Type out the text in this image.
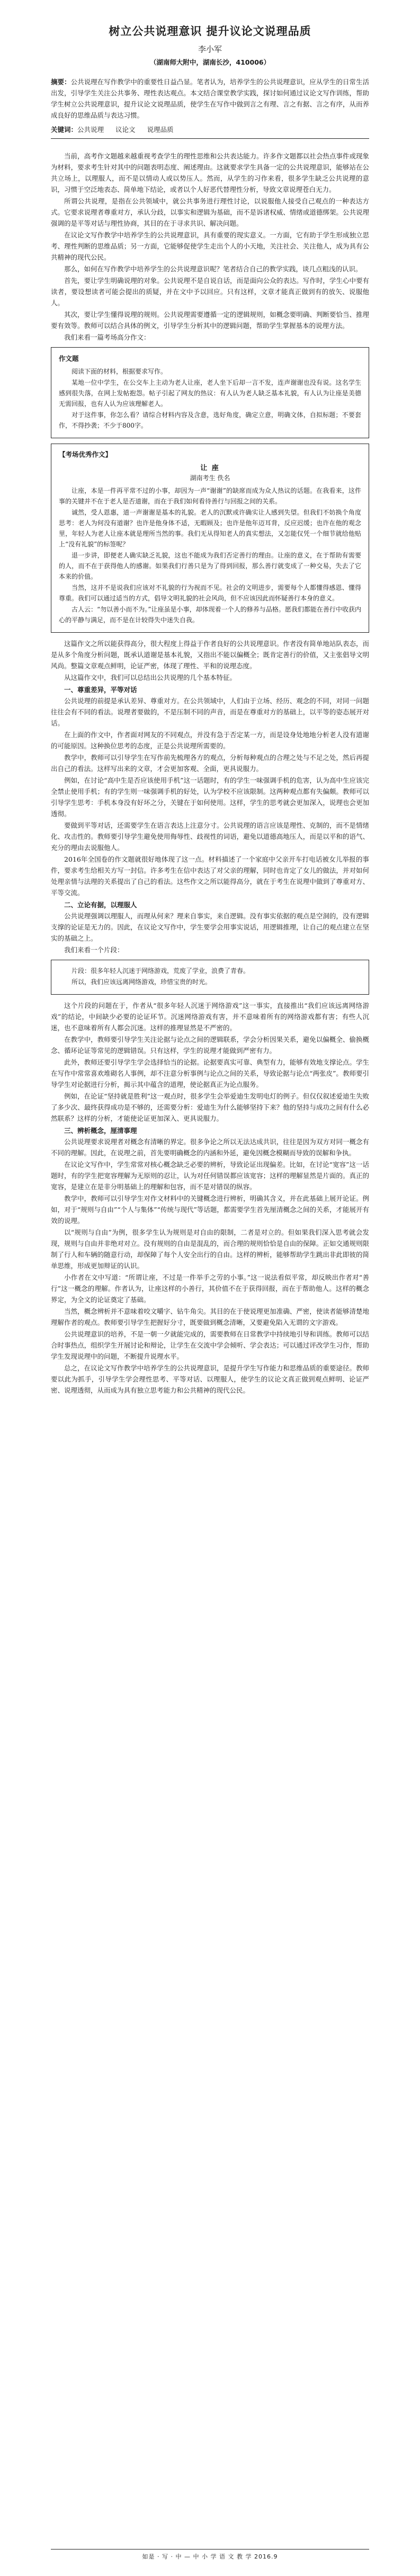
树立公共说理意识 提升议论文说理品质
李小军
（湖南师大附中，湖南长沙，410006）

摘要：公共说理在写作教学中的重要性日益凸显。笔者认为，培养学生的公共说理意识，应从学生的日常生活出发，引导学生关注公共事务、理性表达观点。本文结合课堂教学实践，探讨如何通过议论文写作训练，帮助学生树立公共说理意识，提升议论文说理品质，使学生在写作中做到言之有理、言之有据、言之有序，从而养成良好的思维品质与表达习惯。

关键词：公共说理 议论文 说理品质

当前，高考作文题越来越重视考查学生的理性思维和公共表达能力。许多作文题都以社会热点事件或现象为材料，要求考生针对其中的问题表明态度、阐述理由。这就要求学生具备一定的公共说理意识，能够站在公共立场上，以理服人，而不是以情动人或以势压人。然而，从学生的习作来看，很多学生缺乏公共说理的意识，习惯于空泛地表态、简单地下结论，或者以个人好恶代替理性分析，导致文章说理苍白无力。

所谓公共说理，是指在公共领域中，就公共事务进行理性讨论，以说服他人接受自己观点的一种表达方式。它要求说理者尊重对方，承认分歧，以事实和逻辑为基础，而不是诉诸权威、情绪或道德绑架。公共说理强调的是平等对话与理性协商，其目的在于寻求共识、解决问题。

在议论文写作教学中培养学生的公共说理意识，具有重要的现实意义。一方面，它有助于学生形成独立思考、理性判断的思维品质；另一方面，它能够促使学生走出个人的小天地，关注社会、关注他人，成为具有公共精神的现代公民。

那么，如何在写作教学中培养学生的公共说理意识呢？笔者结合自己的教学实践，谈几点粗浅的认识。

首先，要让学生明确说理的对象。公共说理不是自说自话，而是面向公众的表达。写作时，学生心中要有读者，要设想读者可能会提出的质疑，并在文中予以回应。只有这样，文章才能真正做到有的放矢、说服他人。

其次，要让学生懂得说理的规则。公共说理需要遵循一定的逻辑规则，如概念要明确、判断要恰当、推理要有效等。教师可以结合具体的例文，引导学生分析其中的逻辑问题，帮助学生掌握基本的说理方法。

我们来看一篇考场高分作文：

作文题

阅读下面的材料，根据要求写作。

某地一位中学生，在公交车上主动为老人让座，老人坐下后却一言不发，连声谢谢也没有说。这名学生感到很失落，在网上发帖抱怨。帖子引起了网友的热议：有人认为老人缺乏基本礼貌，有人认为让座是美德无需回报，也有人认为应该理解老人。

对于这件事，你怎么看？请综合材料内容及含意，选好角度，确定立意，明确文体，自拟标题；不要套作，不得抄袭；不少于800字。

【考场优秀作文】
让 座
湖南考生 佚名

让座，本是一件再平常不过的小事，却因为一声“谢谢”的缺席而成为众人热议的话题。在我看来，这件事的关键并不在于老人是否道谢，而在于我们如何看待善行与回报之间的关系。

诚然，受人恩惠，道一声谢谢是基本的礼貌。老人的沉默或许确实让人感到失望。但我们不妨换个角度思考：老人为何没有道谢？也许是他身体不适，无暇顾及；也许是他年迈耳背，反应迟缓；也许在他的观念里，年轻人为老人让座本就是理所当然的事。我们无从得知老人的真实想法，又怎能仅凭一个细节就给他贴上“没有礼貌”的标签呢？

退一步讲，即便老人确实缺乏礼貌，这也不能成为我们否定善行的理由。让座的意义，在于帮助有需要的人，而不在于获得他人的感谢。如果我们行善只是为了得到回报，那么善行就变成了一种交易，失去了它本来的价值。

当然，这并不是说我们应该对不礼貌的行为视而不见。社会的文明进步，需要每个人都懂得感恩、懂得尊重。我们可以通过适当的方式，倡导文明礼貌的社会风尚，但不应该因此而怀疑善行本身的意义。

古人云：“勿以善小而不为。”让座虽是小事，却体现着一个人的修养与品格。愿我们都能在善行中收获内心的平静与满足，而不是在计较得失中迷失自我。

这篇作文之所以能获得高分，很大程度上得益于作者良好的公共说理意识。作者没有简单地站队表态，而是从多个角度分析问题，既承认道谢是基本礼貌，又指出不能以偏概全；既肯定善行的价值，又主张倡导文明风尚。整篇文章观点鲜明，论证严密，体现了理性、平和的说理态度。

从这篇作文中，我们可以总结出公共说理的几个基本特征。

一、尊重差异，平等对话

公共说理的前提是承认差异、尊重对方。在公共领域中，人们由于立场、经历、观念的不同，对同一问题往往会有不同的看法。说理者要做的，不是压制不同的声音，而是在尊重对方的基础上，以平等的姿态展开对话。

在上面的作文中，作者面对网友的不同观点，并没有急于否定某一方，而是设身处地地分析老人没有道谢的可能原因。这种换位思考的态度，正是公共说理所需要的。

教学中，教师可以引导学生在写作前先梳理各方的观点，分析每种观点的合理之处与不足之处，然后再提出自己的看法。这样写出来的文章，才会更加客观、全面，更具说服力。

例如，在讨论“高中生是否应该使用手机”这一话题时，有的学生一味强调手机的危害，认为高中生应该完全禁止使用手机；有的学生则一味强调手机的好处，认为学校不应该限制。这两种观点都有失偏颇。教师可以引导学生思考：手机本身没有好坏之分，关键在于如何使用。这样，学生的思考就会更加深入，说理也会更加透彻。

要做到平等对话，还需要学生在语言表达上注意分寸。公共说理的语言应该是理性、克制的，而不是情绪化、攻击性的。教师要引导学生避免使用侮辱性、歧视性的词语，避免以道德高地压人，而是以平和的语气、充分的理由去说服他人。

2016年全国卷的作文题就很好地体现了这一点。材料描述了一个家庭中父亲开车打电话被女儿举报的事件，要求考生给相关方写一封信。许多考生在信中表达了对父亲的理解，同时也肯定了女儿的做法，并对如何处理亲情与法理的关系提出了自己的看法。这些作文之所以能得高分，就在于考生在说理中做到了尊重对方、平等交流。

二、立论有据，以理服人

公共说理强调以理服人，而理从何来？理来自事实，来自逻辑。没有事实依据的观点是空洞的，没有逻辑支撑的论证是无力的。因此，在议论文写作中，学生要学会用事实说话，用逻辑推理，让自己的观点建立在坚实的基础之上。

我们来看一个片段：

片段：很多年轻人沉迷于网络游戏，荒废了学业，浪费了青春。

所以，我们应该远离网络游戏，珍惜宝贵的时光。

这个片段的问题在于，作者从“很多年轻人沉迷于网络游戏”这一事实，直接推出“我们应该远离网络游戏”的结论，中间缺少必要的论证环节。沉迷网络游戏有害，并不意味着所有的网络游戏都有害；有些人沉迷，也不意味着所有人都会沉迷。这样的推理显然是不严密的。

在教学中，教师要引导学生关注论据与论点之间的逻辑联系，学会分析因果关系，避免以偏概全、偷换概念、循环论证等常见的逻辑错误。只有这样，学生的说理才能做到严密有力。

此外，教师还要引导学生学会选择恰当的论据。论据要真实可靠、典型有力，能够有效地支撑论点。学生在写作中常常喜欢堆砌名人事例，却不注意分析事例与论点之间的关系，导致论据与论点“两张皮”。教师要引导学生对论据进行分析，揭示其中蕴含的道理，使论据真正为论点服务。

例如，在论证“坚持就是胜利”这一观点时，很多学生会举爱迪生发明电灯的例子。但仅仅叙述爱迪生失败了多少次、最终获得成功是不够的，还需要分析：爱迪生为什么能够坚持下来？他的坚持与成功之间有什么必然联系？这样的分析，才能使论证更加深入、更具说服力。

三、辨析概念，厘清事理

公共说理要求说理者对概念有清晰的界定。很多争论之所以无法达成共识，往往是因为双方对同一概念有不同的理解。因此，在说理之前，首先要明确概念的内涵和外延，避免因概念模糊而导致的误解和争执。

在议论文写作中，学生常常对核心概念缺乏必要的辨析，导致论证出现偏差。比如，在讨论“宽容”这一话题时，有的学生把宽容理解为无原则的忍让，认为对任何错误都应该宽容；这样的理解显然是片面的。真正的宽容，是建立在是非分明基础上的理解和包容，而不是对错误的纵容。

教学中，教师可以引导学生对作文材料中的关键概念进行辨析，明确其含义，并在此基础上展开论证。例如，对于“规则与自由”“个人与集体”“传统与现代”等话题，都需要学生首先厘清概念之间的关系，才能展开有效的说理。

以“规则与自由”为例，很多学生认为规则是对自由的限制，二者是对立的。但如果我们深入思考就会发现，规则与自由并非绝对对立。没有规则的自由是混乱的，而合理的规则恰恰是自由的保障。正如交通规则限制了行人和车辆的随意行动，却保障了每个人安全出行的自由。这样的辨析，能够帮助学生跳出非此即彼的简单思维，形成更加辩证的认识。

小作者在文中写道：“所谓让座，不过是一件举手之劳的小事。”这一说法看似平常，却反映出作者对“善行”这一概念的理解。作者认为，让座这样的小善行，其价值不在于获得回报，而在于帮助他人。这样的概念界定，为全文的论证奠定了基础。

当然，概念辨析并不意味着咬文嚼字、钻牛角尖。其目的在于使说理更加准确、严密，使读者能够清楚地理解作者的观点。教师要引导学生把握好分寸，既要做到概念清晰，又要避免陷入无谓的文字游戏。

公共说理意识的培养，不是一朝一夕就能完成的，需要教师在日常教学中持续地引导和训练。教师可以结合时事热点，组织学生开展讨论和辩论，让学生在交流中学会倾听、学会表达；可以通过评改学生习作，帮助学生发现说理中的问题，不断提升说理水平。

总之，在议论文写作教学中培养学生的公共说理意识，是提升学生写作能力和思维品质的重要途径。教师要以此为抓手，引导学生学会理性思考、平等对话、以理服人，使学生的议论文真正做到观点鲜明、论证严密、说理透彻，从而成为具有独立思考能力和公共精神的现代公民。

如是 · 写 · 中 — 中 小 学 语 文 教 学 2016.9
